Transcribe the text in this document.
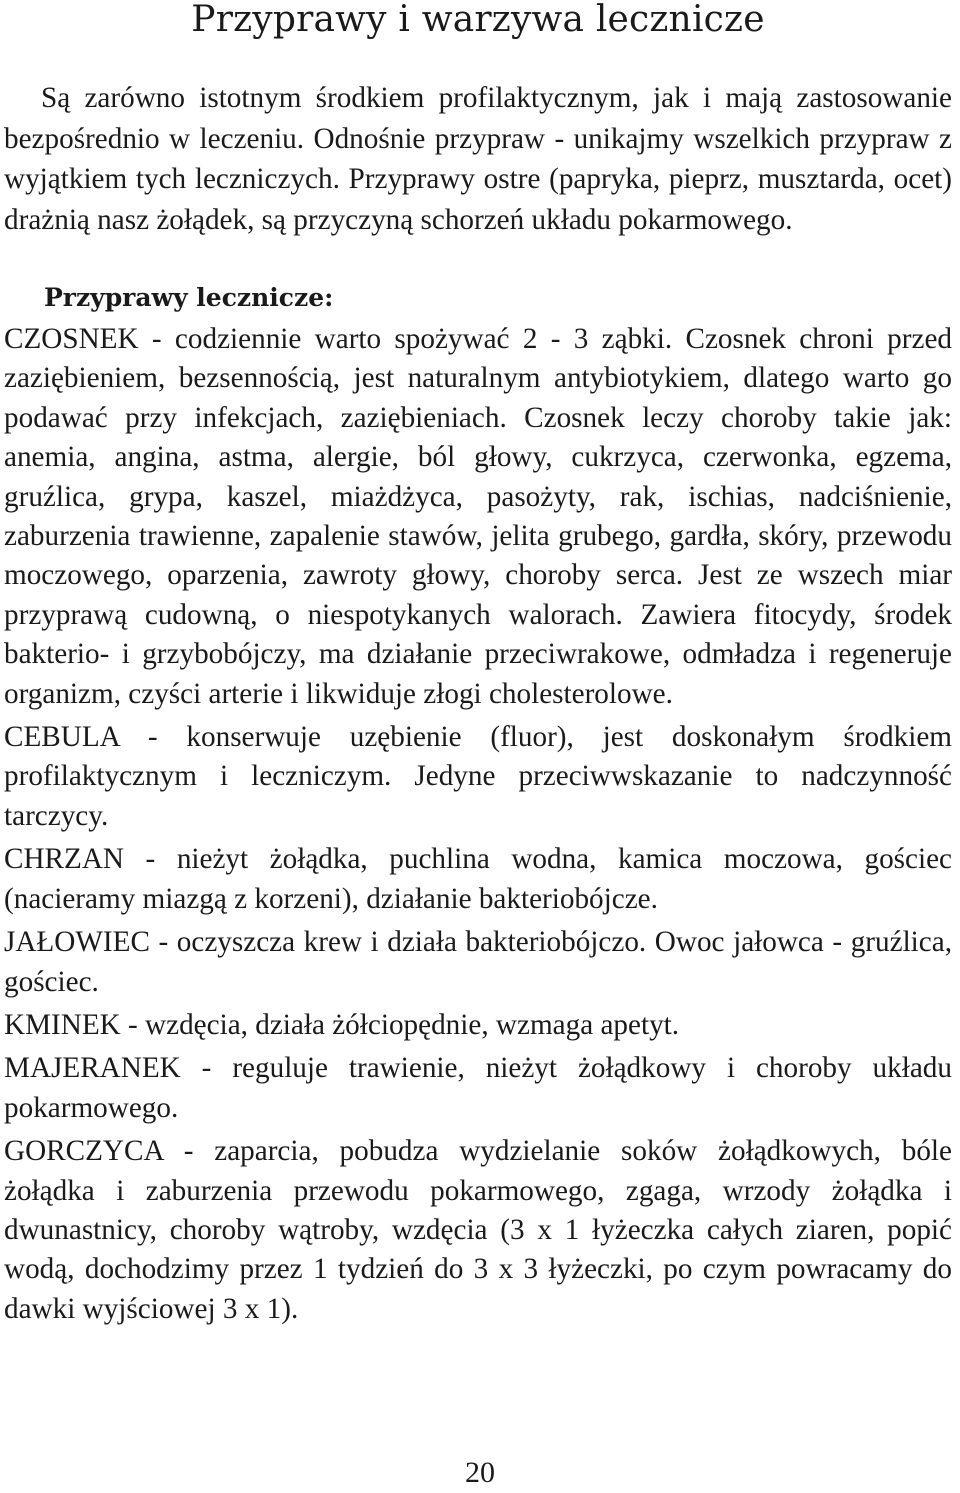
Przyprawy i warzywa lecznicze

Są zarówno istotnym środkiem profilaktycznym, jak i mają zastosowanie bezpośrednio w leczeniu. Odnośnie przypraw - unikajmy wszelkich przypraw z wyjątkiem tych leczniczych. Przyprawy ostre (papryka, pieprz, musztarda, ocet) drażnią nasz żołądek, są przyczyną schorzeń układu pokarmowego.

Przyprawy lecznicze:

CZOSNEK - codziennie warto spożywać 2 - 3 ząbki. Czosnek chroni przed zaziębieniem, bezsennością, jest naturalnym antybiotykiem, dlatego warto go podawać przy infekcjach, zaziębieniach. Czosnek leczy choroby takie jak: anemia, angina, astma, alergie, ból głowy, cukrzyca, czerwonka, egzema, gruźlica, grypa, kaszel, miażdżyca, pasożyty, rak, ischias, nadciśnienie, zaburzenia trawienne, zapalenie stawów, jelita grubego, gardła, skóry, przewodu moczowego, oparzenia, zawroty głowy, choroby serca. Jest ze wszech miar przyprawą cudowną, o niespotykanych walorach. Zawiera fitocydy, środek bakterio- i grzybobójczy, ma działanie przeciwrakowe, odmładza i regeneruje organizm, czyści arterie i likwiduje złogi cholesterolowe.

CEBULA - konserwuje uzębienie (fluor), jest doskonałym środkiem profilaktycznym i leczniczym. Jedyne przeciwwskazanie to nadczynność tarczycy.

CHRZAN - nieżyt żołądka, puchlina wodna, kamica moczowa, gościec (nacieramy miazgą z korzeni), działanie bakteriobójcze.

JAŁOWIEC - oczyszcza krew i działa bakteriobójczo. Owoc jałowca - gruźlica, gościec.

KMINEK - wzdęcia, działa żółciopędnie, wzmaga apetyt.

MAJERANEK - reguluje trawienie, nieżyt żołądkowy i choroby układu pokarmowego.

GORCZYCA - zaparcia, pobudza wydzielanie soków żołądkowych, bóle żołądka i zaburzenia przewodu pokarmowego, zgaga, wrzody żołądka i dwunastnicy, choroby wątroby, wzdęcia (3 x 1 łyżeczka całych ziaren, popić wodą, dochodzimy przez 1 tydzień do 3 x 3 łyżeczki, po czym powracamy do dawki wyjściowej 3 x 1).

20
